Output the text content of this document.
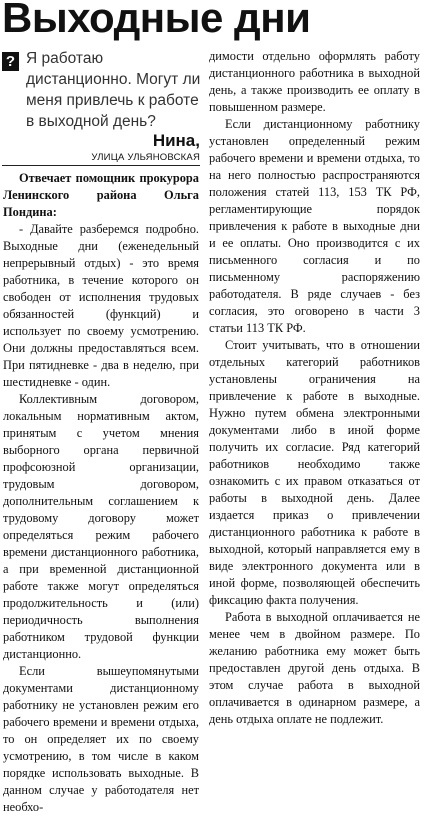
Выходные дни
? Я работаю дистанционно. Могут ли меня привлечь к работе в выходной день?

Нина,
УЛИЦА УЛЬЯНОВСКАЯ

Отвечает помощник прокурора Ленинского района Ольга Пондина:

- Давайте разберемся подробно. Выходные дни (еженедельный непрерывный отдых) - это время работника, в течение которого он свободен от исполнения трудовых обязанностей (функций) и использует по своему усмотрению. Они должны предоставляться всем. При пятидневке - два в неделю, при шестидневке - один.

Коллективным договором, локальным нормативным актом, принятым с учетом мнения выборного органа первичной профсоюзной организации, трудовым договором, дополнительным соглашением к трудовому договору может определяться режим рабочего времени дистанционного работника, а при временной дистанционной работе также могут определяться продолжительность и (или) периодичность выполнения работником трудовой функции дистанционно.

Если вышеупомянутыми документами дистанционному работнику не установлен режим его рабочего времени и времени отдыха, то он определяет их по своему усмотрению, в том числе в каком порядке использовать выходные. В данном случае у работодателя нет необхо-

димости отдельно оформлять работу дистанционного работника в выходной день, а также производить ее оплату в повышенном размере.

Если дистанционному работнику установлен определенный режим рабочего времени и времени отдыха, то на него полностью распространяются положения статей 113, 153 ТК РФ, регламентирующие порядок привлечения к работе в выходные дни и ее оплаты. Оно производится с их письменного согласия и по письменному распоряжению работодателя. В ряде случаев - без согласия, это оговорено в части 3 статьи 113 ТК РФ.

Стоит учитывать, что в отношении отдельных категорий работников установлены ограничения на привлечение к работе в выходные. Нужно путем обмена электронными документами либо в иной форме получить их согласие. Ряд категорий работников необходимо также ознакомить с их правом отказаться от работы в выходной день. Далее издается приказ о привлечении дистанционного работника к работе в выходной, который направляется ему в виде электронного документа или в иной форме, позволяющей обеспечить фиксацию факта получения.

Работа в выходной оплачивается не менее чем в двойном размере. По желанию работника ему может быть предоставлен другой день отдыха. В этом случае работа в выходной оплачивается в одинарном размере, а день отдыха оплате не подлежит.
